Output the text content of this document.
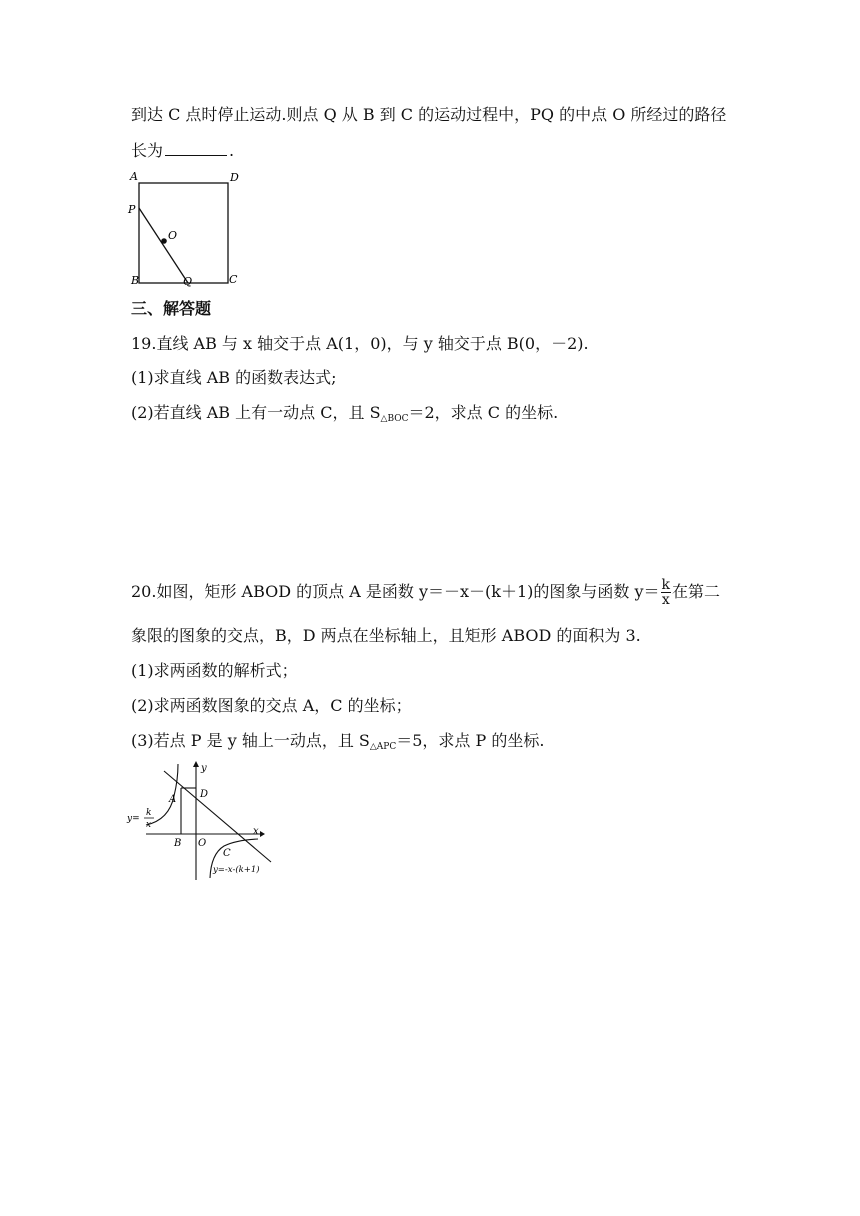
到达 C 点时停止运动.则点 Q 从 B 到 C 的运动过程中，PQ 的中点 O 所经过的路径
长为	.
A	D
P
O
B	Q	C
三、解答题
19.直线 AB 与 x 轴交于点 A(1，0)，与 y 轴交于点 B(0，－2).
(1)求直线 AB 的函数表达式;
(2)若直线 AB 上有一动点 C，且 $S_{\triangle BOC}=2$，求点 C 的坐标.
20.如图，矩形 ABOD 的顶点 A 是函数 y＝－x－(k＋1)的图象与函数 $y= \frac{k}{x}$ 在第二
象限的图象的交点，B，D 两点在坐标轴上，且矩形 ABOD 的面积为 3.
(1)求两函数的解析式；
(2)求两函数图象的交点 A，C 的坐标；
(3)若点 P 是 y 轴上一动点，且 $S_{\triangle APC}=5$，求点 P 的坐标.
y
x
A D
B O
C
y=
k
x
y=-x-(k+1)
